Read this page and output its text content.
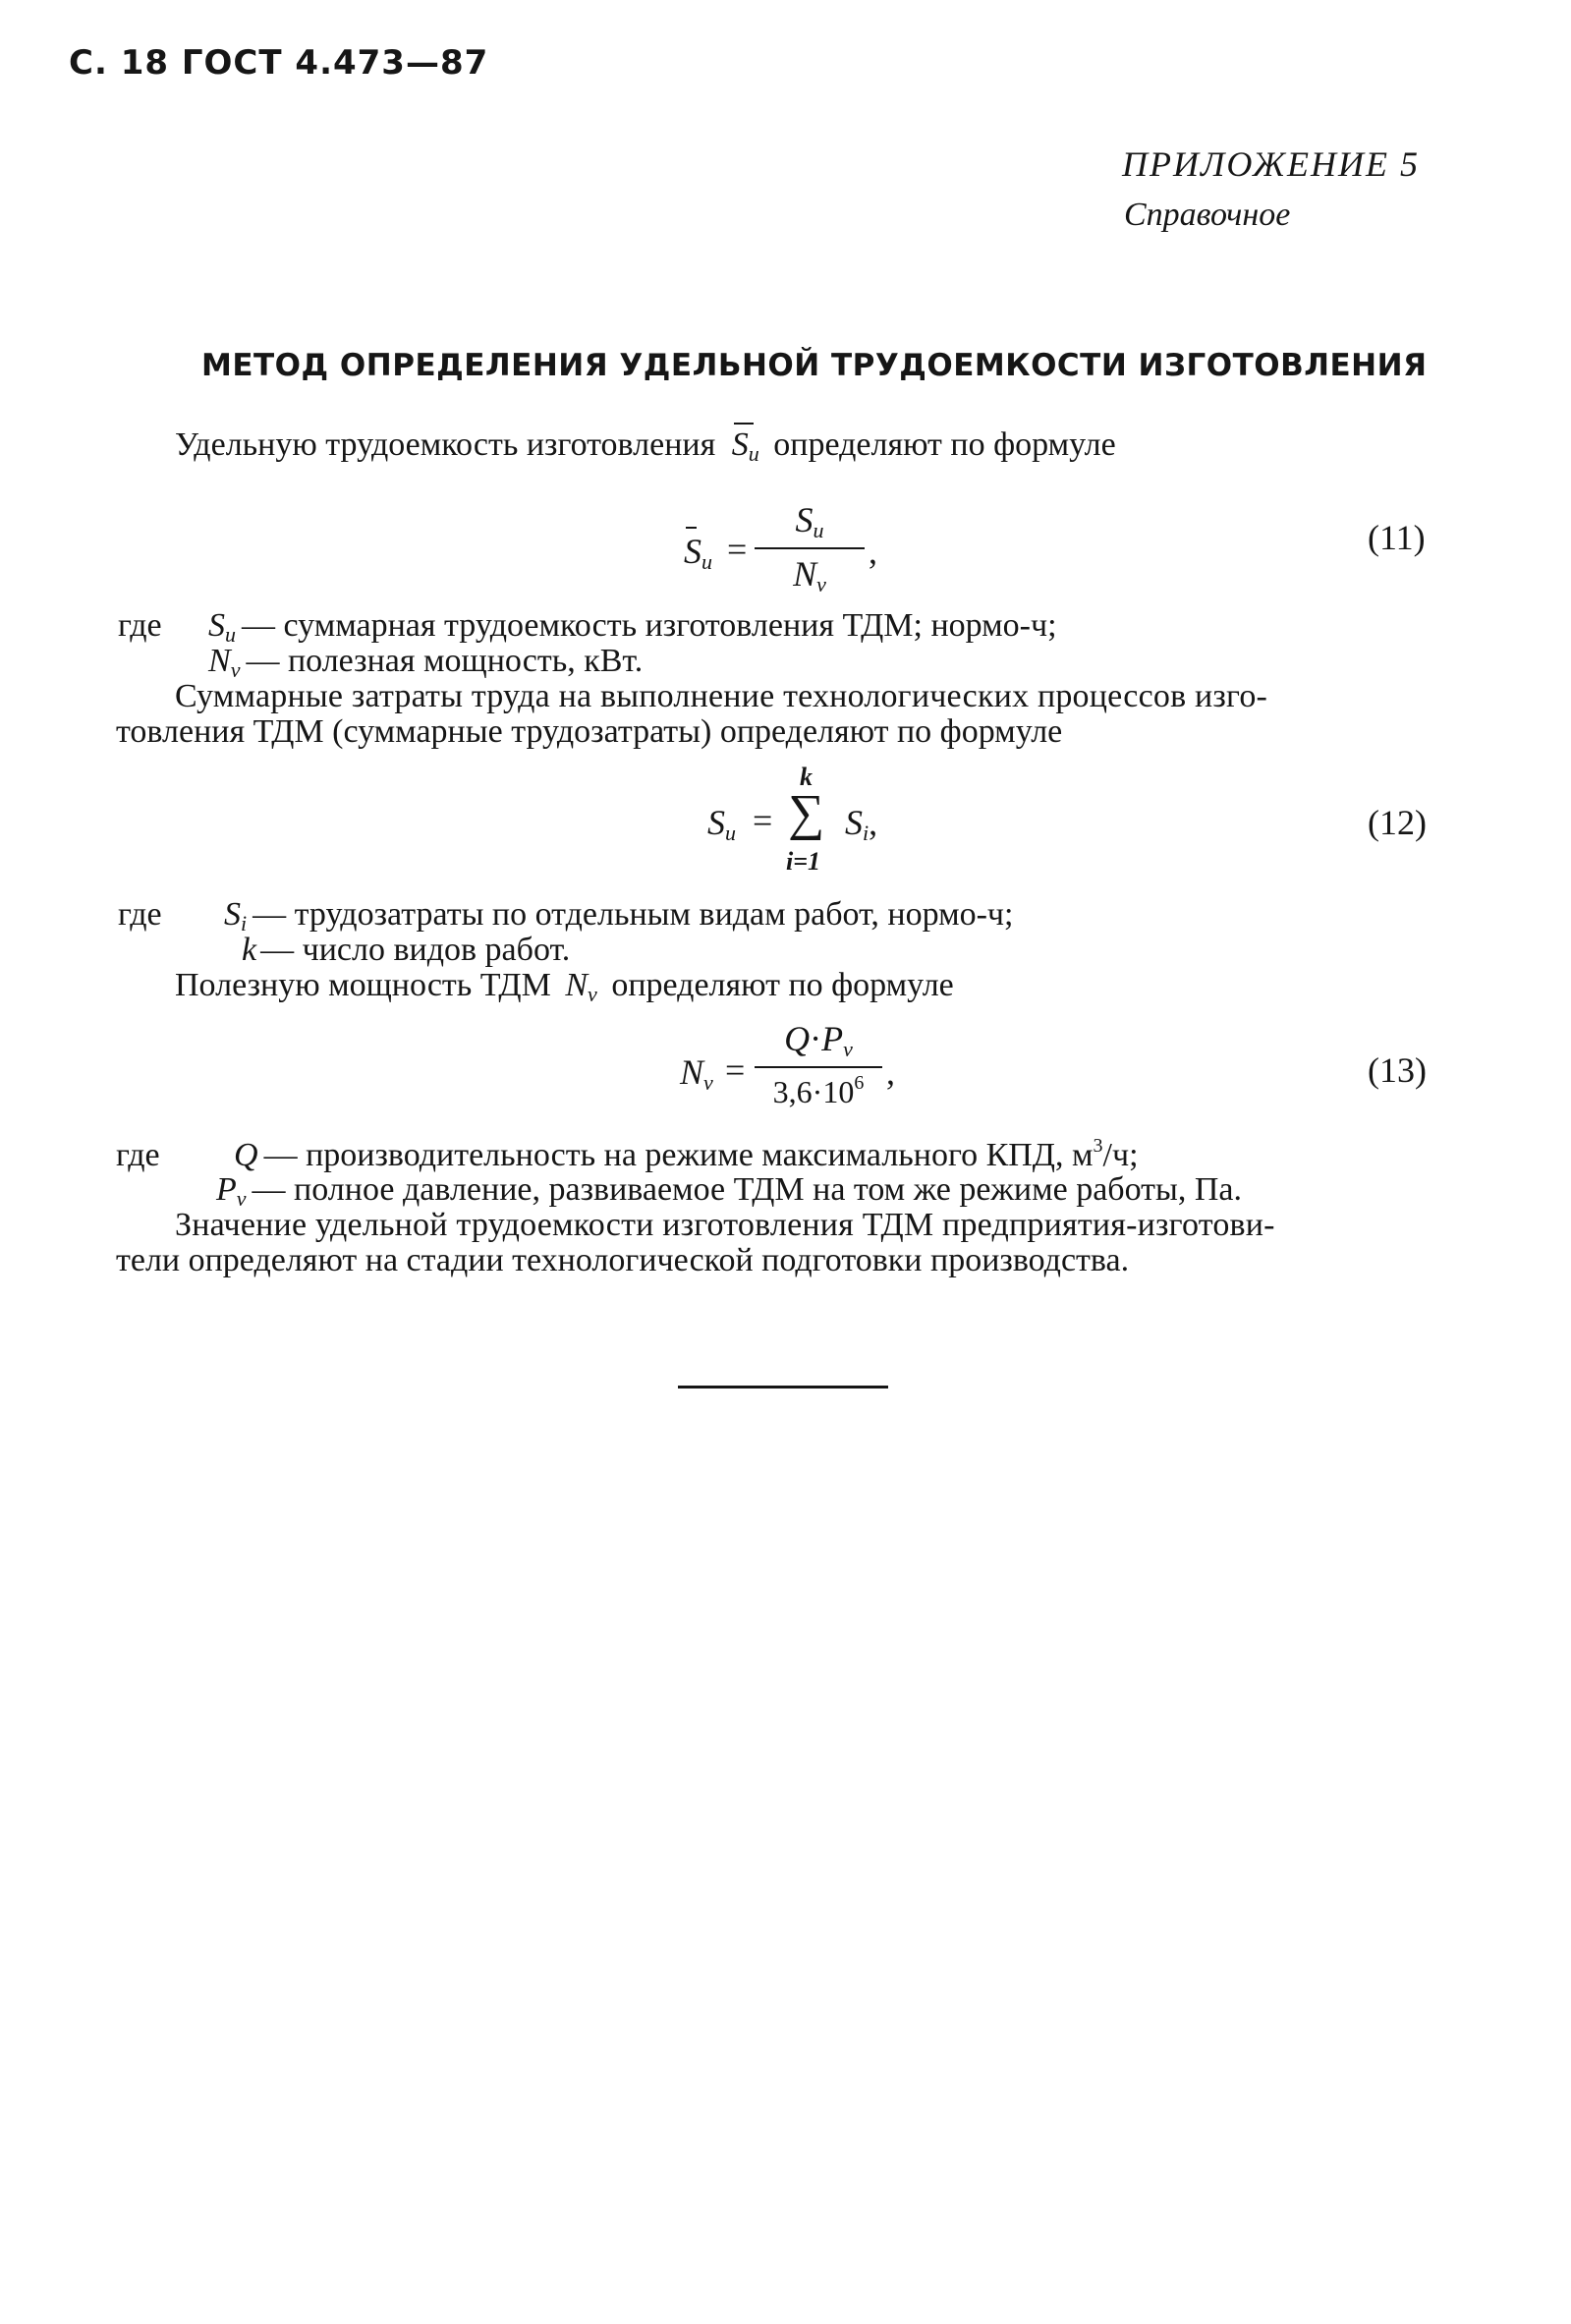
С. 18 ГОСТ 4.473—87
ПРИЛОЖЕНИЕ 5
Справочное
МЕТОД ОПРЕДЕЛЕНИЯ УДЕЛЬНОЙ ТРУДОЕМКОСТИ ИЗГОТОВЛЕНИЯ
Удельную трудоемкость изготовления $S_и$ определяют по формуле
$S_и$ =
$S_и$
$N_v$
,	(11)
где $S_и$ — суммарная трудоемкость изготовления ТДМ; нормо-ч;
$N_v$ — полезная мощность, кВт.
Суммарные затраты труда на выполнение технологических процессов изго-
товления ТДМ (суммарные трудозатраты) определяют по формуле
$S_и$ =
k
∑
i=1
$S_i$,	(12)
где $S_i$ — трудозатраты по отдельным видам работ, нормо-ч;
k — число видов работ.
Полезную мощность ТДМ $N_v$ определяют по формуле
$N_v$ =
$Q\cdot P_v$
$3,6\cdot 10^6$ ,	(13)
где Q — производительность на режиме максимального КПД, $м^3/ч$;
$P_v$ — полное давление, развиваемое ТДМ на том же режиме работы, Па.
Значение удельной трудоемкости изготовления ТДМ предприятия-изготови-
тели определяют на стадии технологической подготовки производства.
